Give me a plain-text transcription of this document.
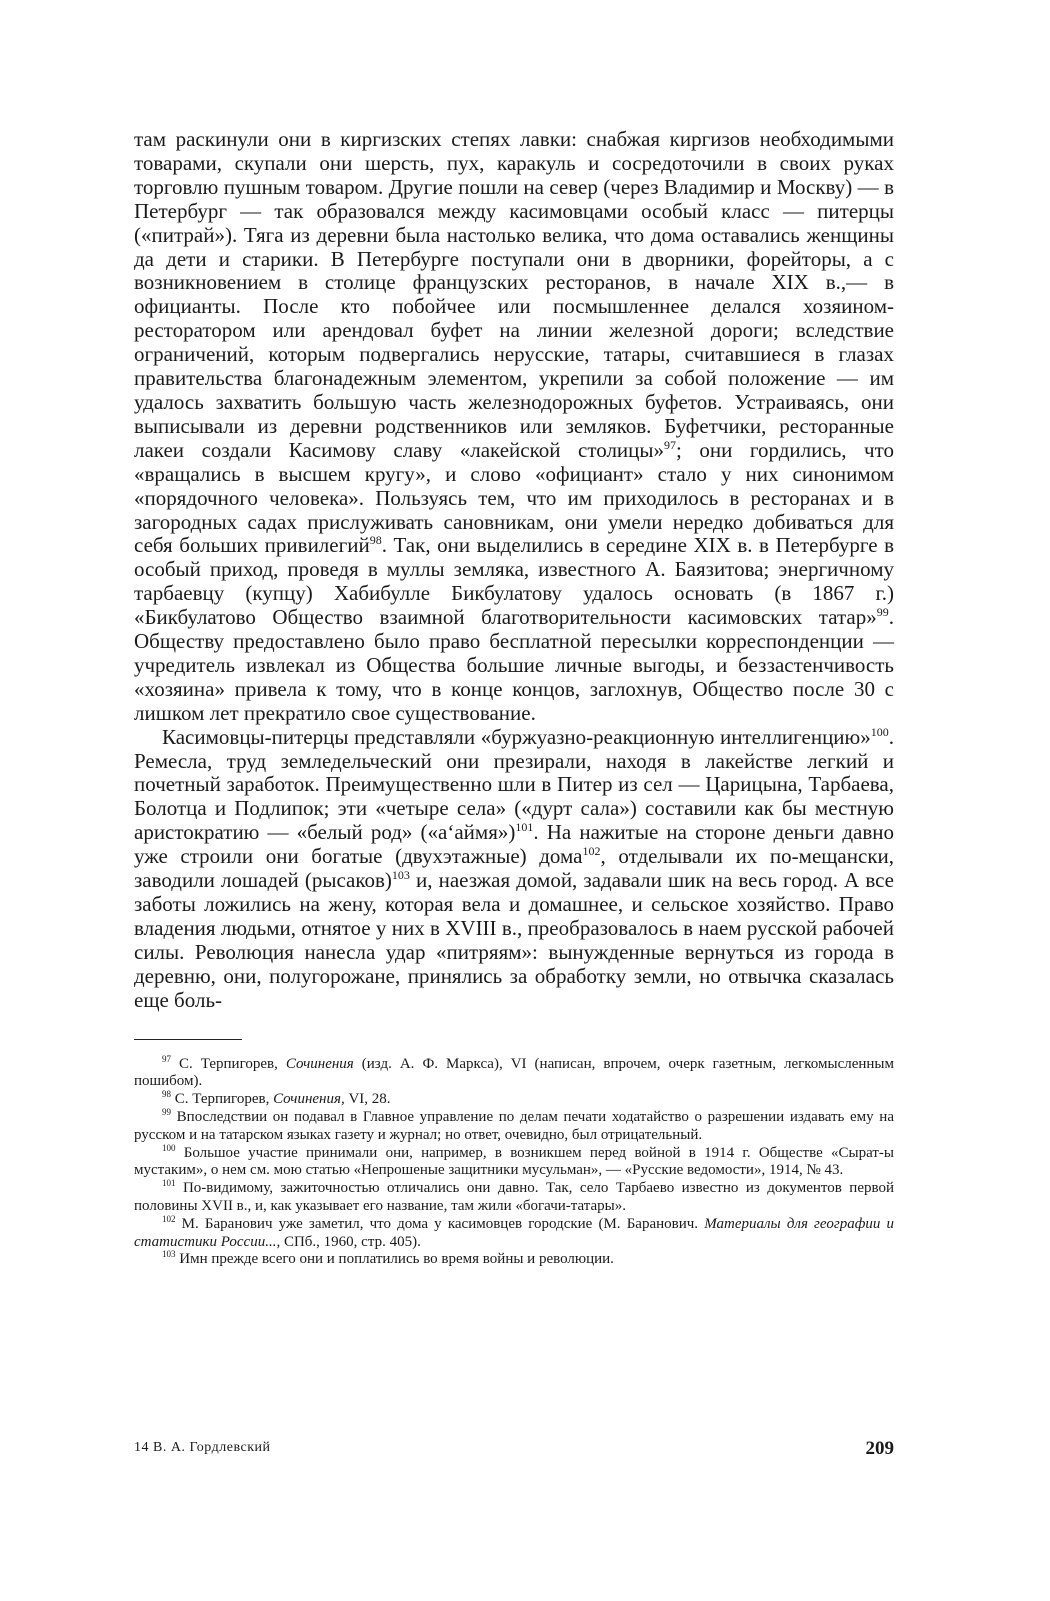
там раскинули они в киргизских степях лавки: снабжая киргизов необходимыми товарами, скупали они шерсть, пух, каракуль и сосредоточили в своих руках торговлю пушным товаром. Другие пошли на север (через Владимир и Москву) — в Петербург — так образовался между касимовцами особый класс — питерцы («питрай»). Тяга из деревни была настолько велика, что дома оставались женщины да дети и старики. В Петербурге поступали они в дворники, форейторы, а с возникновением в столице французских ресторанов, в начале XIX в.,— в официанты. После кто побойчее или посмышленнее делался хозяином-ресторатором или арендовал буфет на линии железной дороги; вследствие ограничений, которым подвергались нерусские, татары, считавшиеся в глазах правительства благонадежным элементом, укрепили за собой положение — им удалось захватить большую часть железнодорожных буфетов. Устраиваясь, они выписывали из деревни родственников или земляков. Буфетчики, ресторанные лакеи создали Касимову славу «лакейской столицы»$^{97}$; они гордились, что «вращались в высшем кругу», и слово «официант» стало у них синонимом «порядочного человека». Пользуясь тем, что им приходилось в ресторанах и в загородных садах прислуживать сановникам, они умели нередко добиваться для себя больших привилегий$^{98}$. Так, они выделились в середине XIX в. в Петербурге в особый приход, проведя в муллы земляка, известного А. Баязитова; энергичному тарбаевцу (купцу) Хабибулле Бикбулатову удалось основать (в 1867 г.) «Бикбулатово Общество взаимной благотворительности касимовских татар»$^{99}$. Обществу предоставлено было право бесплатной пересылки корреспонденции — учредитель извлекал из Общества большие личные выгоды, и беззастенчивость «хозяина» привела к тому, что в конце концов, заглохнув, Общество после 30 с лишком лет прекратило свое существование.

Касимовцы-питерцы представляли «буржуазно-реакционную интеллигенцию»$^{100}$. Ремесла, труд земледельческий они презирали, находя в лакействе легкий и почетный заработок. Преимущественно шли в Питер из сел — Царицына, Тарбаева, Болотца и Подлипок; эти «четыре села» («дурт сала») составили как бы местную аристократию — «белый род» («а‘аймя»)$^{101}$. На нажитые на стороне деньги давно уже строили они богатые (двухэтажные) дома$^{102}$, отделывали их по-мещански, заводили лошадей (рысаков)$^{103}$ и, наезжая домой, задавали шик на весь город. А все заботы ложились на жену, которая вела и домашнее, и сельское хозяйство. Право владения людьми, отнятое у них в XVIII в., преобразовалось в наем русской рабочей силы. Революция нанесла удар «питряям»: вынужденные вернуться из города в деревню, они, полугорожане, принялись за обработку земли, но отвычка сказалась еще боль-

$^{97}$ С. Терпигорев, Сочинения (изд. А. Ф. Маркса), VI (написан, впрочем, очерк газетным, легкомысленным пошибом).

$^{98}$ С. Терпигорев, Сочинения, VI, 28.

$^{99}$ Впоследствии он подавал в Главное управление по делам печати ходатайство о разрешении издавать ему на русском и на татарском языках газету и журнал; но ответ, очевидно, был отрицательный.

$^{100}$ Большое участие принимали они, например, в возникшем перед войной в 1914 г. Обществе «Сырат-ы мустаким», о нем см. мою статью «Непрошеные защитники мусульман», — «Русские ведомости», 1914, № 43.

$^{101}$ По-видимому, зажиточностью отличались они давно. Так, село Тарбаево известно из документов первой половины XVII в., и, как указывает его название, там жили «богачи-татары».

$^{102}$ М. Баранович уже заметил, что дома у касимовцев городские (М. Баранович. Материалы для географии и статистики России..., СПб., 1960, стр. 405).

$^{103}$ Имн прежде всего они и поплатились во время войны и революции.

14 В. А. Гордлевский	209
